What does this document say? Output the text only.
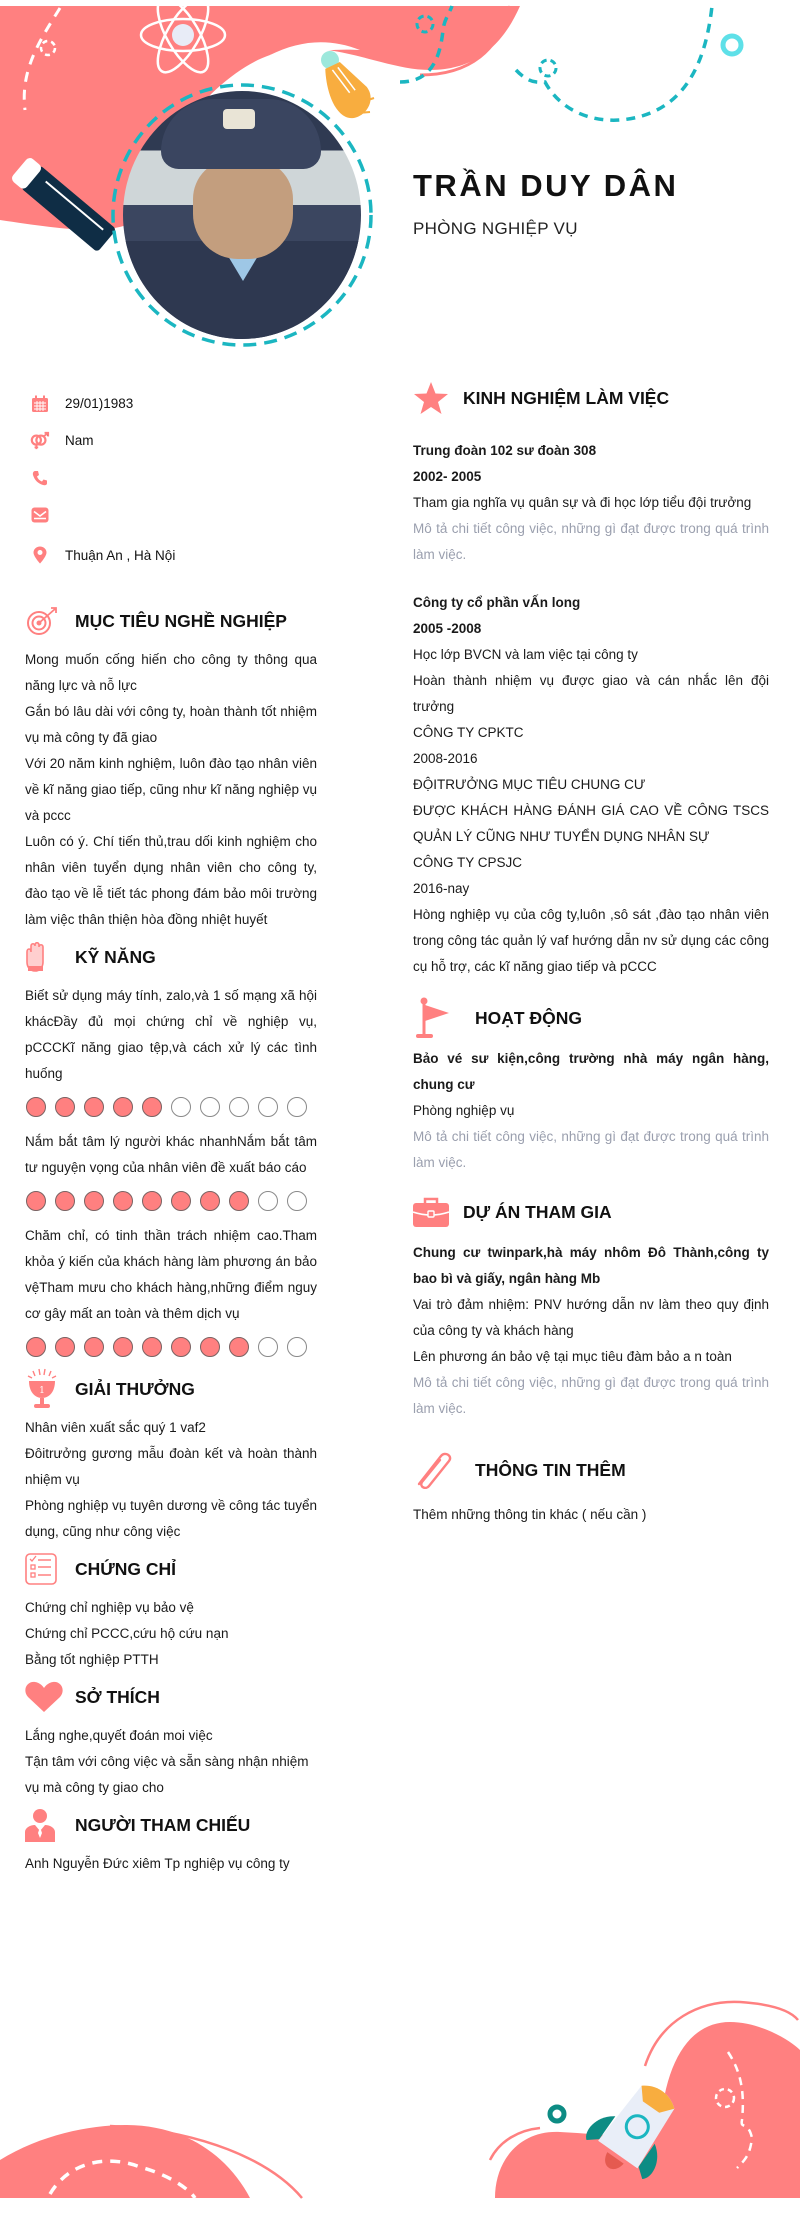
TRẦN DUY DÂN
PHÒNG NGHIỆP VỤ
29/01)1983
Nam
Thuận An , Hà Nội
MỤC TIÊU NGHỀ NGHIỆP
Mong muốn cống hiến cho công ty thông qua năng lực và nỗ lực
Gắn bó lâu dài với công ty, hoàn thành tốt nhiệm vụ mà công ty đã giao
Với 20 năm kinh nghiệm, luôn đào tạo nhân viên về kĩ năng giao tiếp, cũng như kĩ năng nghiệp vụ và pccc
Luôn có ý. Chí tiến thủ,trau dối kinh nghiệm cho nhân viên tuyển dụng nhân viên cho công ty, đào tạo về lễ tiết tác phong đám bảo môi trường làm việc thân thiện hòa đồng nhiệt huyết
KỸ NĂNG
Biết sử dụng máy tính, zalo,và 1 số mạng xã hội khácĐầy đủ mọi chứng chỉ về nghiệp vụ, pCCCKĩ năng giao tệp,và cách xử lý các tình huống
Nắm bắt tâm lý người khác nhanhNắm bắt tâm tư nguyện vọng của nhân viên đề xuất báo cáo
Chăm chỉ, có tinh thần trách nhiệm cao.Tham khỏa ý kiến của khách hàng làm phương án bảo vệTham mưu cho khách hàng,những điểm nguy cơ gây mất an toàn và thêm dịch vụ
1 GIẢI THƯỞNG
Nhân viên xuất sắc quý 1 vaf2
Đôitrưởng gương mẫu đoàn kết và hoàn thành nhiệm vụ
Phòng nghiệp vụ tuyên dương về công tác tuyển dụng, cũng như công việc
CHỨNG CHỈ
Chứng chỉ nghiệp vụ bảo vệ
Chứng chỉ PCCC,cứu hộ cứu nạn
Bằng tốt nghiệp PTTH
SỞ THÍCH
Lắng nghe,quyết đoán moi việc
Tận tâm với công việc và sẵn sàng nhận nhiệm vụ mà công ty giao cho
NGƯỜI THAM CHIẾU
Anh Nguyễn Đức xiêm Tp nghiệp vụ công ty
KINH NGHIỆM LÀM VIỆC
Trung đoàn 102 sư đoàn 308
2002- 2005
Tham gia nghĩa vụ quân sự và đi học lớp tiểu đội trưởng
Mô tả chi tiết công việc, những gì đạt được trong quá trình làm việc.
Công ty cổ phần vẤn long
2005 -2008
Học lớp BVCN và lam việc tại công ty
Hoàn thành nhiệm vụ được giao và cán nhắc lên đội trưởng
CÔNG TY CPKTC
2008-2016
ĐỘITRƯỞNG MỤC TIÊU CHUNG CƯ
ĐƯỢC KHÁCH HÀNG ĐÁNH GIÁ CAO VỀ CÔNG TSCS QUẢN LÝ CŨNG NHƯ TUYỂN DỤNG NHÂN SỰ
CÔNG TY CPSJC
2016-nay
Hòng nghiệp vụ của côg ty,luôn ,sô sát ,đào tạo nhân viên trong công tác quản lý vaf hướng dẫn nv sử dụng các công cụ hỗ trợ, các kĩ năng giao tiếp và pCCC
HOẠT ĐỘNG
Bảo vé sư kiện,công trường nhà máy ngân hàng, chung cư
Phòng nghiệp vụ
Mô tả chi tiết công việc, những gì đạt được trong quá trình làm việc.
DỰ ÁN THAM GIA
Chung cư twinpark,hà máy nhôm Đô Thành,công ty bao bì và giấy, ngân hàng Mb
Vai trò đảm nhiệm: PNV hướng dẫn nv làm theo quy định của công ty và khách hàng
Lên phương án bảo vệ tại mục tiêu đàm bảo a n toàn
Mô tả chi tiết công việc, những gì đạt được trong quá trình làm việc.
THÔNG TIN THÊM
Thêm những thông tin khác ( nếu cần )
